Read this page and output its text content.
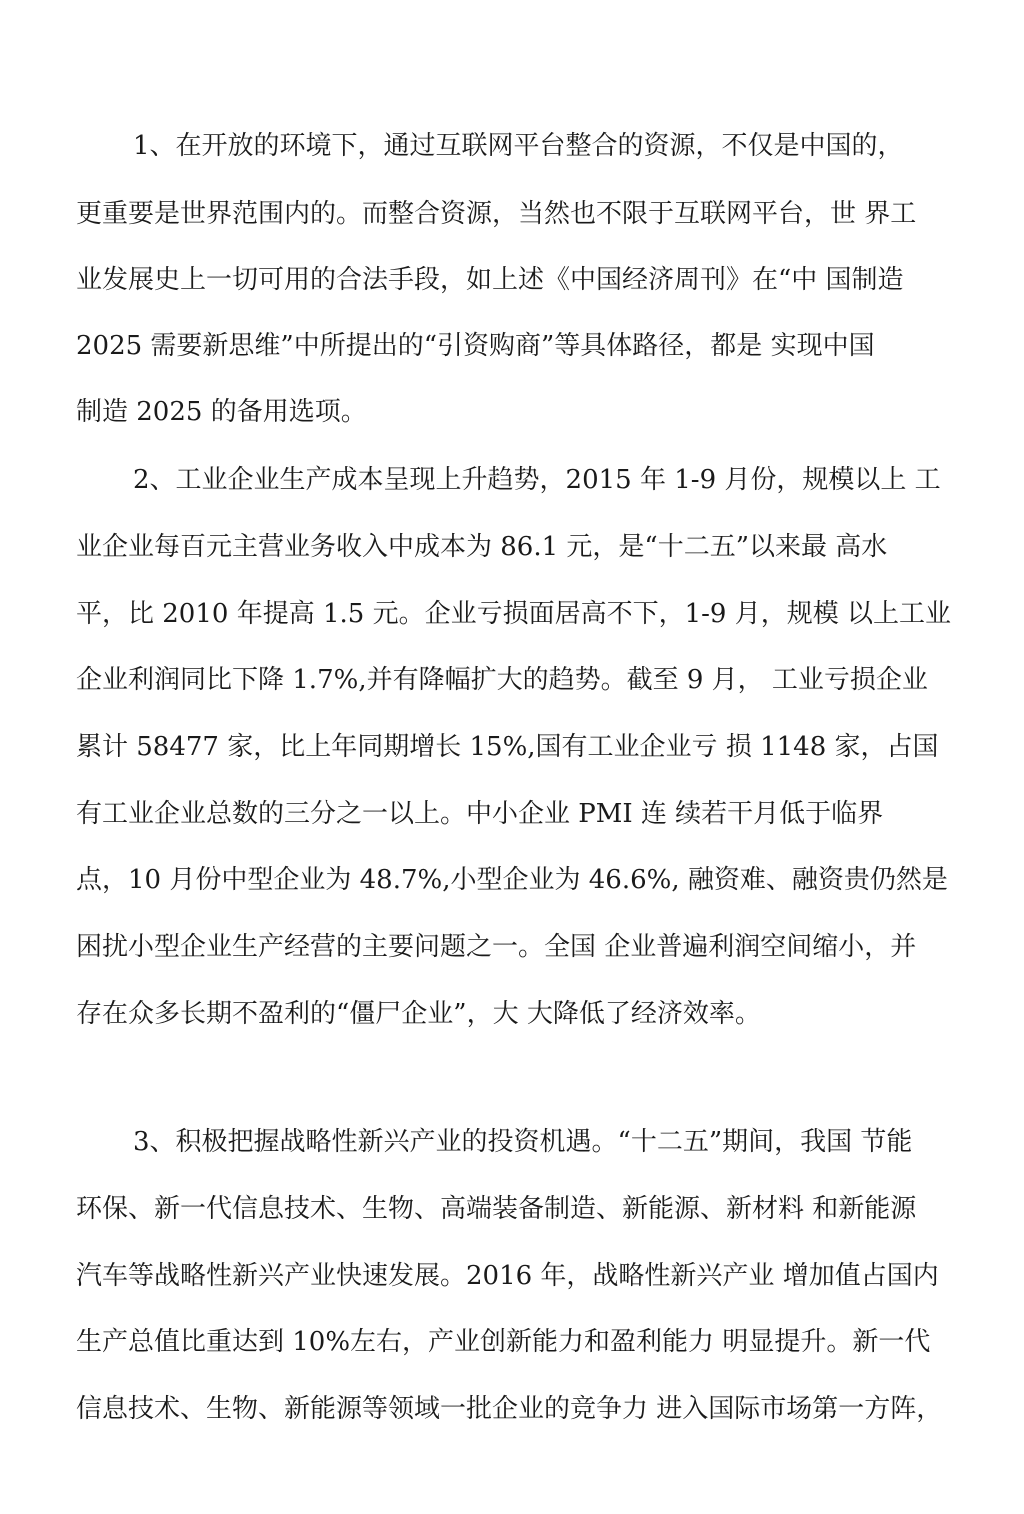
1、在开放的环境下，通过互联网平台整合的资源，不仅是中国的，
更重要是世界范围内的。而整合资源，当然也不限于互联网平台，世 界工
业发展史上一切可用的合法手段，如上述《中国经济周刊》在“中 国制造
2025 需要新思维”中所提出的“引资购商”等具体路径，都是 实现中国
制造 2025 的备用选项。
2、工业企业生产成本呈现上升趋势，2015 年 1-9 月份，规模以上 工
业企业每百元主营业务收入中成本为 86.1 元，是“十二五”以来最 高水
平，比 2010 年提高 1.5 元。企业亏损面居高不下，1-9 月，规模 以上工业
企业利润同比下降 1.7%,并有降幅扩大的趋势。截至 9 月， 工业亏损企业
累计 58477 家，比上年同期增长 15%,国有工业企业亏 损 1148 家，占国
有工业企业总数的三分之一以上。中小企业 PMI 连 续若干月低于临界
点，10 月份中型企业为 48.7%,小型企业为 46.6%, 融资难、融资贵仍然是
困扰小型企业生产经营的主要问题之一。全国 企业普遍利润空间缩小，并
存在众多长期不盈利的“僵尸企业”，大 大降低了经济效率。
3、积极把握战略性新兴产业的投资机遇。“十二五”期间，我国 节能
环保、新一代信息技术、生物、高端装备制造、新能源、新材料 和新能源
汽车等战略性新兴产业快速发展。2016 年，战略性新兴产业 增加值占国内
生产总值比重达到 10%左右，产业创新能力和盈利能力 明显提升。新一代
信息技术、生物、新能源等领域一批企业的竞争力 进入国际市场第一方阵，
